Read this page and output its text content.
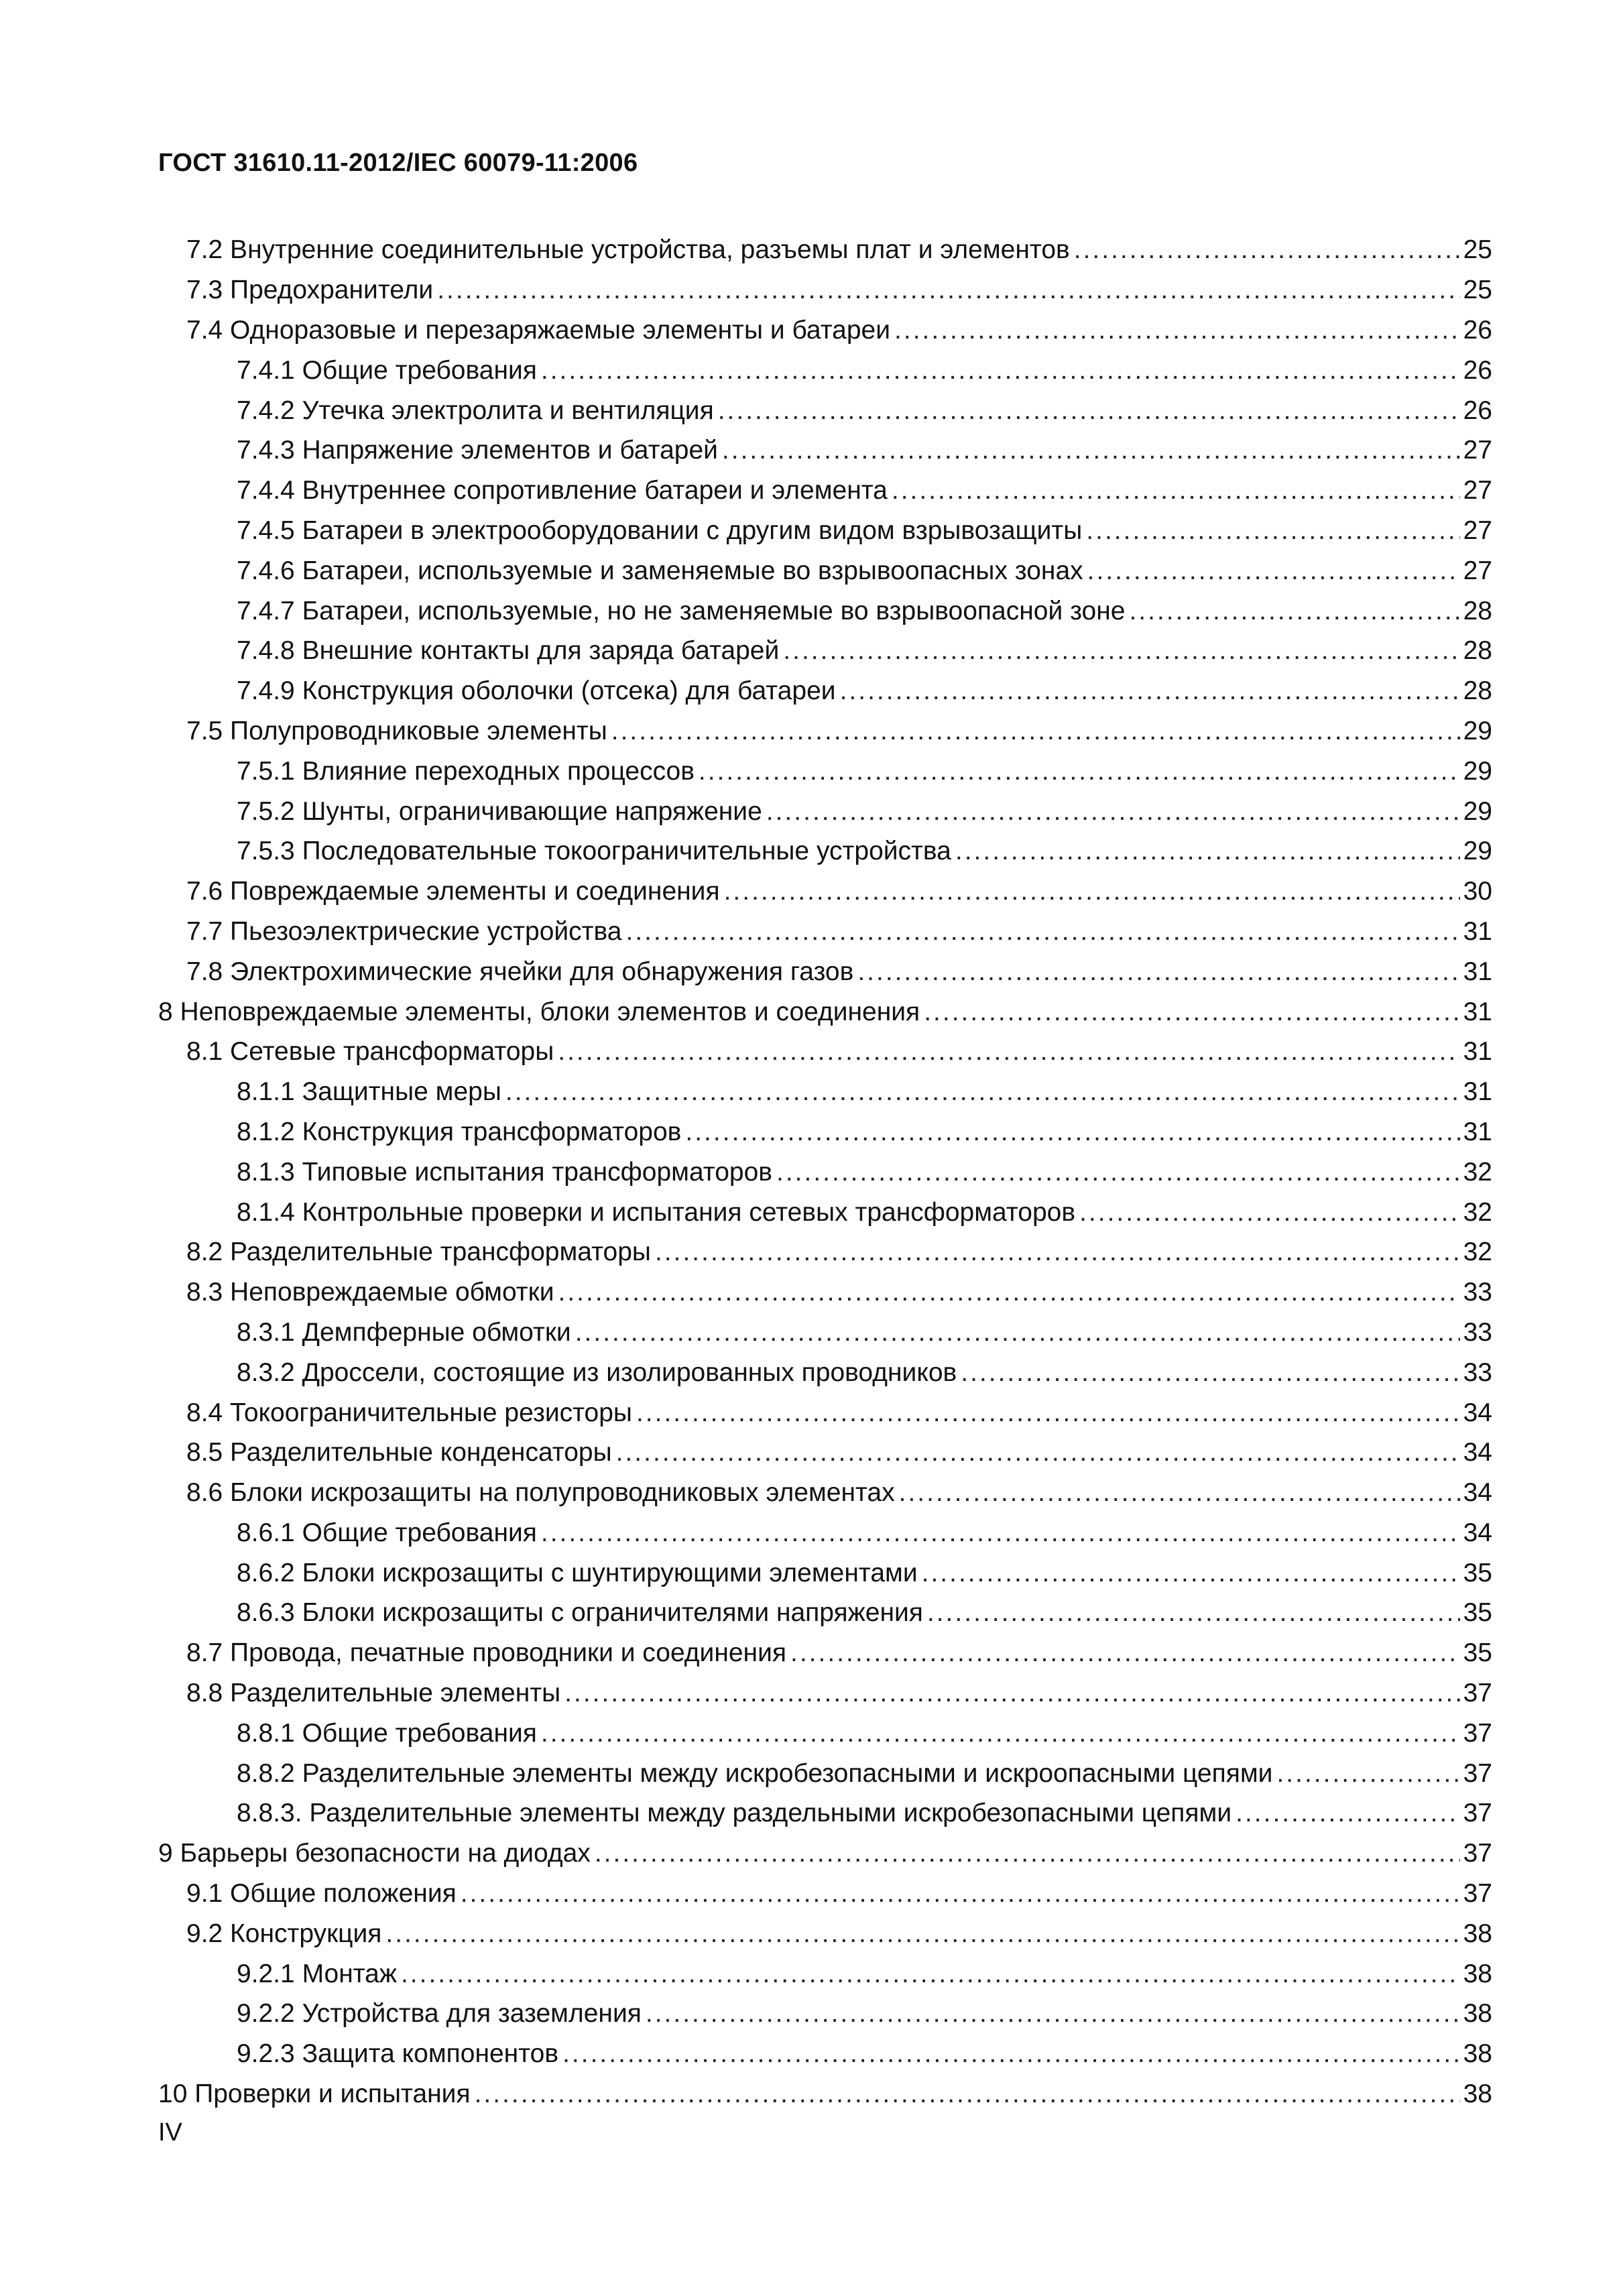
ГОСТ 31610.11-2012/IEC 60079-11:2006
7.2 Внутренние соединительные устройства, разъемы плат и элементов .....	25
7.3 Предохранители .....	25
7.4 Одноразовые и перезаряжаемые элементы и батареи .....	26
7.4.1 Общие требования .....	26
7.4.2 Утечка электролита и вентиляция .....	26
7.4.3 Напряжение элементов и батарей .....	27
7.4.4 Внутреннее сопротивление батареи и элемента .....	27
7.4.5 Батареи в электрооборудовании с другим видом взрывозащиты .....	27
7.4.6 Батареи, используемые и заменяемые во взрывоопасных зонах .....	27
7.4.7 Батареи, используемые, но не заменяемые во взрывоопасной зоне .....	28
7.4.8 Внешние контакты для заряда батарей .....	28
7.4.9 Конструкция оболочки (отсека) для батареи .....	28
7.5 Полупроводниковые элементы .....	29
7.5.1 Влияние переходных процессов .....	29
7.5.2 Шунты, ограничивающие напряжение .....	29
7.5.3 Последовательные токоограничительные устройства .....	29
7.6 Повреждаемые элементы и соединения .....	30
7.7 Пьезоэлектрические устройства .....	31
7.8 Электрохимические ячейки для обнаружения газов .....	31
8 Неповреждаемые элементы, блоки элементов и соединения .....	31
8.1 Сетевые трансформаторы .....	31
8.1.1 Защитные меры .....	31
8.1.2 Конструкция трансформаторов .....	31
8.1.3 Типовые испытания трансформаторов .....	32
8.1.4 Контрольные проверки и испытания сетевых трансформаторов .....	32
8.2 Разделительные трансформаторы .....	32
8.3 Неповреждаемые обмотки .....	33
8.3.1 Демпферные обмотки .....	33
8.3.2 Дроссели, состоящие из изолированных проводников .....	33
8.4 Токоограничительные резисторы .....	34
8.5 Разделительные конденсаторы .....	34
8.6 Блоки искрозащиты на полупроводниковых элементах .....	34
8.6.1 Общие требования .....	34
8.6.2 Блоки искрозащиты с шунтирующими элементами .....	35
8.6.3 Блоки искрозащиты с ограничителями напряжения .....	35
8.7 Провода, печатные проводники и соединения .....	35
8.8 Разделительные элементы .....	37
8.8.1 Общие требования .....	37
8.8.2 Разделительные элементы между искробезопасными и искроопасными цепями .....	37
8.8.3. Разделительные элементы между раздельными искробезопасными цепями .....	37
9 Барьеры безопасности на диодах .....	37
9.1 Общие положения .....	37
9.2 Конструкция .....	38
9.2.1 Монтаж .....	38
9.2.2 Устройства для заземления .....	38
9.2.3 Защита компонентов .....	38
10 Проверки и испытания .....	38
IV
